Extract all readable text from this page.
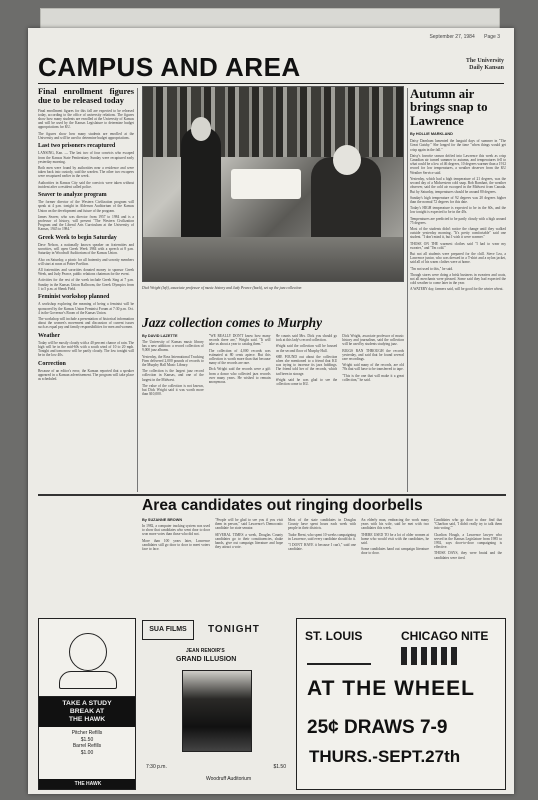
September 27, 1984 Page 3
CAMPUS AND AREA	The University
Daily Kansan
Final enrollment figures due to be released today

Final enrollment figures for this fall are expected to be released today, according to the office of university relations. The figures show how many students are enrolled at the University of Kansas and will be used by the Kansas Legislature to determine budget appropriations for KU.

The figures show how many students are enrolled at the University and will be used to determine budget appropriations.

Last two prisoners recaptured

LANSING, Kan. — The last two of four convicts who escaped from the Kansas State Penitentiary Sunday were recaptured early yesterday morning.

Both men were found by authorities near a residence and were taken back into custody, said the warden. The other two escapees were recaptured earlier in the week.

Authorities in Kansas City said the convicts were taken without incident after a resident called police.

Seaver to analyze program

The former director of the Western Civilization program will speak at 4 p.m. tonight in Alderson Auditorium of the Kansas Union on the development and future of the program.

James Seaver, who was director from 1957 to 1984 and is a professor of history, will present "The Western Civilization Program and the Liberal Arts Curriculum at the University of Kansas, 1945 to 1984."

Greek Week to begin Saturday

Dave Nelson, a nationally known speaker on fraternities and sororities, will open Greek Week 1984 with a speech at 8 p.m. Saturday in Woodruff Auditorium of the Kansas Union.

Also on Saturday, a picnic for all fraternity and sorority members will start at noon at Potter Pavilion.

All fraternities and sororities donated money to sponsor Greek Week, and Judy Pearce, public relations chairman for the event.

Activities for the rest of the week include Greek Sing at 7 p.m. Sunday in the Kansas Union Ballroom, the Greek Olympics from 1 to 5 p.m. at Shenk Field.

Feminist workshop planned

A workshop exploring the meaning of being a feminist will be sponsored by the Kansas Union Feminist Forum at 7:30 p.m. Oct. 4 in the Governor's Room of the Kansas Union.

The workshop will include a presentation of historical information about the women's movement and discussion of current issues such as equal pay and family responsibilities for men and women.

Weather

Today will be mostly cloudy with a 40 percent chance of rain. The high will be in the mid-60s with a south wind of 10 to 20 mph. Tonight and tomorrow will be partly cloudy. The low tonight will be in the low 40s.

Correction

Because of an editor's error, the Kansan reported that a speaker appeared in a Kansan advertisement. The program will take place as scheduled.

Dick Wright (left), associate professor of music history and Judy Pearce (back), set up the jazz collection
Autumn air brings snap to Lawrence
By HOLLIE MARKLAND

Daisy Darnham lamented the languid days of summer in "The Great Gatsby." She longed for the time "when things would get crisp again in the fall."

Daisy's favorite season drifted into Lawrence this week as crisp Canadian air turned summer to autumn, and temperatures fell to what could be a low of 46 degrees, 10 degrees warmer than a 1912 record for low temperatures, a weather observer from the KU Weather Service said.

Yesterday, which had a high temperature of 21 degrees, was the second day of a Midwestern cold snap. Bob Barnhart, the weather observer, said the cold air swooped in the Midwest from Canada. But by Saturday, temperatures should be around 80 degrees.

Sunday's high temperature of 92 degrees was 20 degrees higher than the normal 72 degrees for this date.

Today's HIGH temperature is expected to be in the 60s, and the low tonight is expected to be in the 40s.

Temperatures are predicted to be partly cloudy with a high around 75 degrees.

Most of the students didn't notice the change until they walked outside yesterday morning. "It's pretty comfortable" said one student. "I don't mind it, but I wish it were warmer."

THOSE ON THE warmest clothes said "I had to wear my sweater," and "I'm cold."

But not all students were prepared for the chill. Steve Lea, a Lawrence junior, who was dressed in a T-shirt and a nylon jacket, said all of his warm clothes were at home.

"I'm not used to this," he said.

Though stores were doing a brisk business in sweaters and coats, not all merchants were pleased. Some said they had expected the cold weather to come later in the year.

A WATERY day, farmers said, will be good for the winter wheat.

Jazz collection comes to Murphy
By DAVID LAZETTE

The University of Kansas music library has a new addition: a record collection of 9,000 jazz albums.

Yesterday, the Ross International Trucking Firm delivered 2,000 pounds of records to the Murphy Hall Music Library.

The collection is the largest jazz record collection in Kansas, and one of the largest in the Midwest.

The value of the collection is not known, but Dick Wright said it was worth more than $10,000.

"WE REALLY DON'T know how many records there are," Wright said. "It will take us about a year to catalog them."

The collection of 4,000 records was estimated at 80 cents apiece. But this collection is worth more than that because many of the records are rare.

Dick Wright said the records were a gift from a donor who collected jazz records over many years. He wished to remain anonymous.

He counts said Mrs. Dick you should go look at this lady's record collection.

Wright said the collection will be housed on the second floor of Murphy Hall.

SHE FOUND out about the collection when she mentioned to a friend that KU was trying to increase its jazz holdings. The friend told her of the records, which had been in storage.

Wright said he was glad to see the collection come to KU.

Dick Wright, associate professor of music history and journalism, said the collection will be used by students studying jazz.

BIGGS RAN THROUGH the records yesterday, and said that he found several rare recordings.

Wright said many of the records, are old 78s that will have to be transferred to tape.

"This is the one that will make it a great collection," he said.

Area candidates out ringing doorbells
By SUZANNE BROWN

In 1982, a computer tracking system was used to show that candidates who went door to door won more votes than those who did not.

More than 100 years later, Lawrence candidates still go door to door to meet voters face to face.

"People will be glad to see you if you visit them in person," said Lawrence's Democratic candidate for state senator.

SEVERAL TIMES a week, Douglas County candidates go to their constituencies, shake hands, give out campaign literature and hope they attract a vote.

Most of the state candidates in Douglas County have spent hours each week with people in their districts.

Tudor Brent, who spent 10 weeks campaigning in Lawrence, said every candidate should do it.

"I DON'T HAVE it because I can't," said one candidate.

An elderly man, embracing the work many years with his wife, said he met with two candidates this week.

THERE USED TO be a lot of older women at home who would visit with the candidates, he said.

Some candidates hand out campaign literature door to door.

Candidates who go door to door find that "Charlton said, 'I didn't really try to talk them into voting.'"

Charlton Hough, a Lawrence lawyer who served in the Kansas Legislature from 1985 to 1992, says door-to-door campaigning is effective.

THOSE DAYS, they were brutal and the candidates were tired.

TAKE A STUDY
BREAK AT
THE HAWK
Pitcher Refills
$1.50
Barrel Refills
$1.00
THE HAWK
SUA FILMS	TONIGHT
JEAN RENOIR'S
GRAND ILLUSION
7:30 p.m.
Woodruff Auditorium
$1.50
ST. LOUIS	CHICAGO NITE
AT THE WHEEL
25¢ DRAWS 7-9
THURS.-SEPT.27th
